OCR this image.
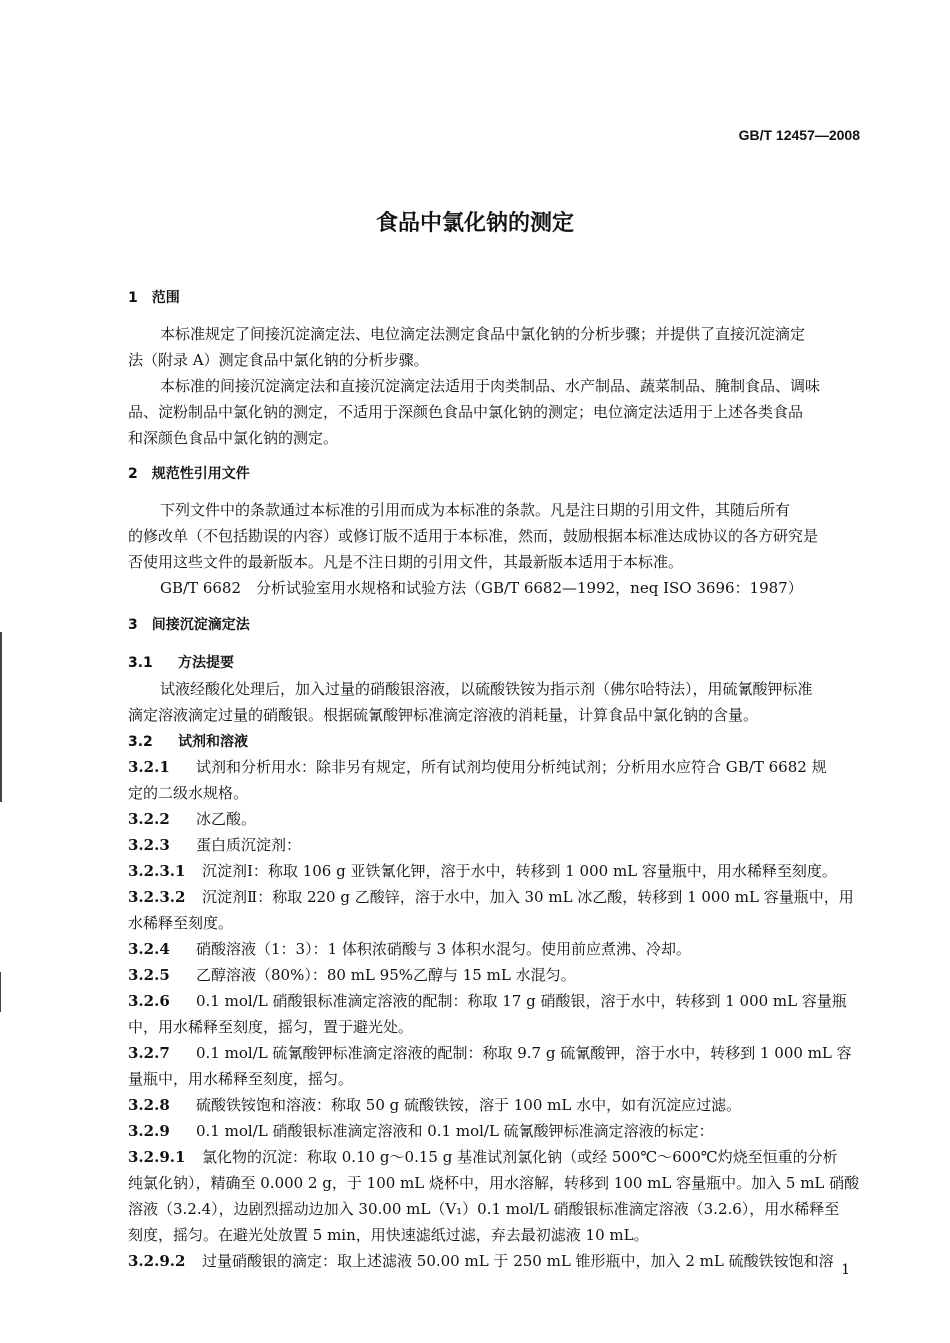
GB/T 12457—2008
食品中氯化钠的测定
1　范围
本标准规定了间接沉淀滴定法、电位滴定法测定食品中氯化钠的分析步骤；并提供了直接沉淀滴定
法（附录 A）测定食品中氯化钠的分析步骤。
本标准的间接沉淀滴定法和直接沉淀滴定法适用于肉类制品、水产制品、蔬菜制品、腌制食品、调味
品、淀粉制品中氯化钠的测定，不适用于深颜色食品中氯化钠的测定；电位滴定法适用于上述各类食品
和深颜色食品中氯化钠的测定。
2　规范性引用文件
下列文件中的条款通过本标准的引用而成为本标准的条款。凡是注日期的引用文件，其随后所有
的修改单（不包括勘误的内容）或修订版不适用于本标准，然而，鼓励根据本标准达成协议的各方研究是
否使用这些文件的最新版本。凡是不注日期的引用文件，其最新版本适用于本标准。
GB/T 6682　分析试验室用水规格和试验方法（GB/T 6682—1992，neq ISO 3696：1987）
3　间接沉淀滴定法
3.1 方法提要
试液经酸化处理后，加入过量的硝酸银溶液，以硫酸铁铵为指示剂（佛尔哈特法），用硫氰酸钾标准
滴定溶液滴定过量的硝酸银。根据硫氰酸钾标准滴定溶液的消耗量，计算食品中氯化钠的含量。
3.2 试剂和溶液
3.2.1 试剂和分析用水：除非另有规定，所有试剂均使用分析纯试剂；分析用水应符合 GB/T 6682 规
定的二级水规格。
3.2.2 冰乙酸。
3.2.3 蛋白质沉淀剂：
3.2.3.1 沉淀剂Ⅰ：称取 106 g 亚铁氰化钾，溶于水中，转移到 1 000 mL 容量瓶中，用水稀释至刻度。
3.2.3.2 沉淀剂Ⅱ：称取 220 g 乙酸锌，溶于水中，加入 30 mL 冰乙酸，转移到 1 000 mL 容量瓶中，用
水稀释至刻度。
3.2.4 硝酸溶液（1：3）：1 体积浓硝酸与 3 体积水混匀。使用前应煮沸、冷却。
3.2.5 乙醇溶液（80%）：80 mL 95%乙醇与 15 mL 水混匀。
3.2.6 0.1 mol/L 硝酸银标准滴定溶液的配制：称取 17 g 硝酸银，溶于水中，转移到 1 000 mL 容量瓶
中，用水稀释至刻度，摇匀，置于避光处。
3.2.7 0.1 mol/L 硫氰酸钾标准滴定溶液的配制：称取 9.7 g 硫氰酸钾，溶于水中，转移到 1 000 mL 容
量瓶中，用水稀释至刻度，摇匀。
3.2.8 硫酸铁铵饱和溶液：称取 50 g 硫酸铁铵，溶于 100 mL 水中，如有沉淀应过滤。
3.2.9 0.1 mol/L 硝酸银标准滴定溶液和 0.1 mol/L 硫氰酸钾标准滴定溶液的标定：
3.2.9.1 氯化物的沉淀：称取 0.10 g～0.15 g 基准试剂氯化钠（或经 500℃～600℃灼烧至恒重的分析
纯氯化钠），精确至 0.000 2 g，于 100 mL 烧杯中，用水溶解，转移到 100 mL 容量瓶中。加入 5 mL 硝酸
溶液（3.2.4），边剧烈摇动边加入 30.00 mL（V₁）0.1 mol/L 硝酸银标准滴定溶液（3.2.6），用水稀释至
刻度，摇匀。在避光处放置 5 min，用快速滤纸过滤，弃去最初滤液 10 mL。
3.2.9.2 过量硝酸银的滴定：取上述滤液 50.00 mL 于 250 mL 锥形瓶中，加入 2 mL 硫酸铁铵饱和溶 1
